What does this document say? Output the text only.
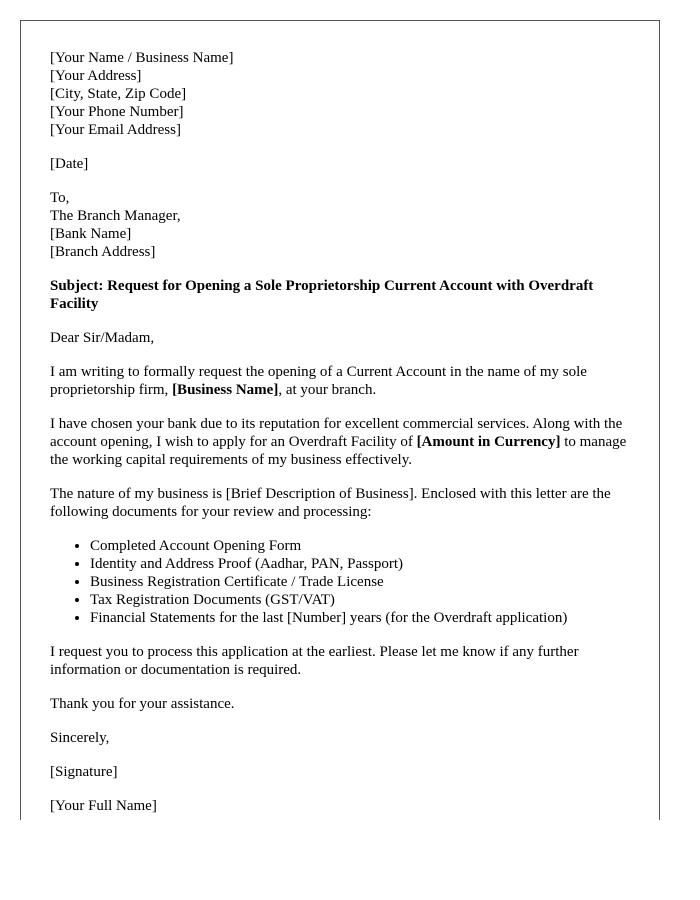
[Your Name / Business Name]
[Your Address]
[City, State, Zip Code]
[Your Phone Number]
[Your Email Address]
[Date]
To,
The Branch Manager,
[Bank Name]
[Branch Address]

Subject: Request for Opening a Sole Proprietorship Current Account with Overdraft Facility

Dear Sir/Madam,

I am writing to formally request the opening of a Current Account in the name of my sole proprietorship firm, [Business Name], at your branch.

I have chosen your bank due to its reputation for excellent commercial services. Along with the account opening, I wish to apply for an Overdraft Facility of [Amount in Currency] to manage the working capital requirements of my business effectively.

The nature of my business is [Brief Description of Business]. Enclosed with this letter are the following documents for your review and processing:

• Completed Account Opening Form
• Identity and Address Proof (Aadhar, PAN, Passport)
• Business Registration Certificate / Trade License
• Tax Registration Documents (GST/VAT)
• Financial Statements for the last [Number] years (for the Overdraft application)

I request you to process this application at the earliest. Please let me know if any further information or documentation is required.

Thank you for your assistance.

Sincerely,

[Signature]

[Your Full Name]
